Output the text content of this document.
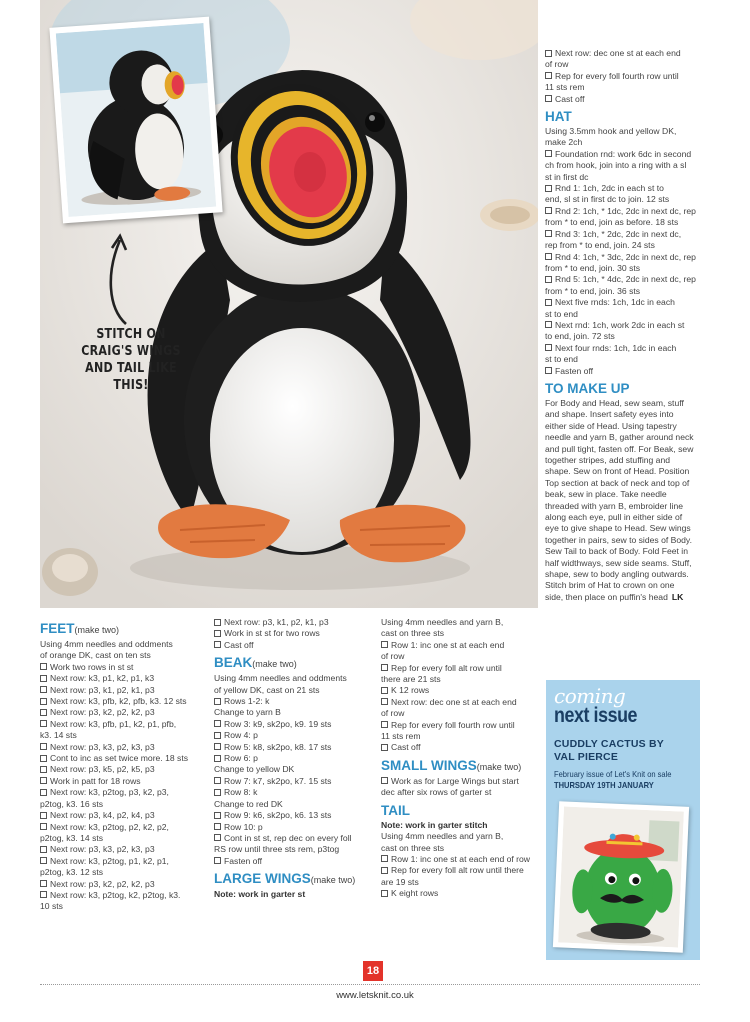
STITCH ON
CRAIG'S WINGS
AND TAIL LIKE
THIS!
Next row: dec one st at each end
of row
Rep for every foll fourth row until
11 sts rem
Cast off
HAT
Using 3.5mm hook and yellow DK,
make 2ch
Foundation rnd: work 6dc in second
ch from hook, join into a ring with a sl
st in first dc
Rnd 1: 1ch, 2dc in each st to
end, sl st in first dc to join. 12 sts
Rnd 2: 1ch, * 1dc, 2dc in next dc, rep
from * to end, join as before. 18 sts
Rnd 3: 1ch, * 2dc, 2dc in next dc,
rep from * to end, join. 24 sts
Rnd 4: 1ch, * 3dc, 2dc in next dc, rep
from * to end, join. 30 sts
Rnd 5: 1ch, * 4dc, 2dc in next dc, rep
from * to end, join. 36 sts
Next five rnds: 1ch, 1dc in each
st to end
Next rnd: 1ch, work 2dc in each st
to end, join. 72 sts
Next four rnds: 1ch, 1dc in each
st to end
Fasten off
TO MAKE UP
For Body and Head, sew seam, stuff
and shape. Insert safety eyes into
either side of Head. Using tapestry
needle and yarn B, gather around neck
and pull tight, fasten off. For Beak, sew
together stripes, add stuffing and
shape. Sew on front of Head. Position
Top section at back of neck and top of
beak, sew in place. Take needle
threaded with yarn B, embroider line
along each eye, pull in either side of
eye to give shape to Head. Sew wings
together in pairs, sew to sides of Body.
Sew Tail to back of Body. Fold Feet in
half widthways, sew side seams. Stuff,
shape, sew to body angling outwards.
Stitch brim of Hat to crown on one
side, then place on puffin's head LK
FEET(make two)
Using 4mm needles and oddments
of orange DK, cast on ten sts
Work two rows in st st
Next row: k3, p1, k2, p1, k3
Next row: p3, k1, p2, k1, p3
Next row: k3, pfb, k2, pfb, k3. 12 sts
Next row: p3, k2, p2, k2, p3
Next row: k3, pfb, p1, k2, p1, pfb,
k3. 14 sts
Next row: p3, k3, p2, k3, p3
Cont to inc as set twice more. 18 sts
Next row: p3, k5, p2, k5, p3
Work in patt for 18 rows
Next row: k3, p2tog, p3, k2, p3,
p2tog, k3. 16 sts
Next row: p3, k4, p2, k4, p3
Next row: k3, p2tog, p2, k2, p2,
p2tog, k3. 14 sts
Next row: p3, k3, p2, k3, p3
Next row: k3, p2tog, p1, k2, p1,
p2tog, k3. 12 sts
Next row: p3, k2, p2, k2, p3
Next row: k3, p2tog, k2, p2tog, k3.
10 sts
Next row: p3, k1, p2, k1, p3
Work in st st for two rows
Cast off
BEAK(make two)
Using 4mm needles and oddments
of yellow DK, cast on 21 sts
Rows 1-2: k
Change to yarn B
Row 3: k9, sk2po, k9. 19 sts
Row 4: p
Row 5: k8, sk2po, k8. 17 sts
Row 6: p
Change to yellow DK
Row 7: k7, sk2po, k7. 15 sts
Row 8: k
Change to red DK
Row 9: k6, sk2po, k6. 13 sts
Row 10: p
Cont in st st, rep dec on every foll
RS row until three sts rem, p3tog
Fasten off
LARGE WINGS(make two)
Note: work in garter st
Using 4mm needles and yarn B,
cast on three sts
Row 1: inc one st at each end
of row
Rep for every foll alt row until
there are 21 sts
K 12 rows
Next row: dec one st at each end
of row
Rep for every foll fourth row until
11 sts rem
Cast off
SMALL WINGS(make two)
Work as for Large Wings but start
dec after six rows of garter st
TAIL
Note: work in garter stitch
Using 4mm needles and yarn B,
cast on three sts
Row 1: inc one st at each end of row
Rep for every foll alt row until there
are 19 sts
K eight rows
coming
next issue
CUDDLY CACTUS BY
VAL PIERCE
February issue of Let's Knit on sale
THURSDAY 19TH JANUARY
18
www.letsknit.co.uk
